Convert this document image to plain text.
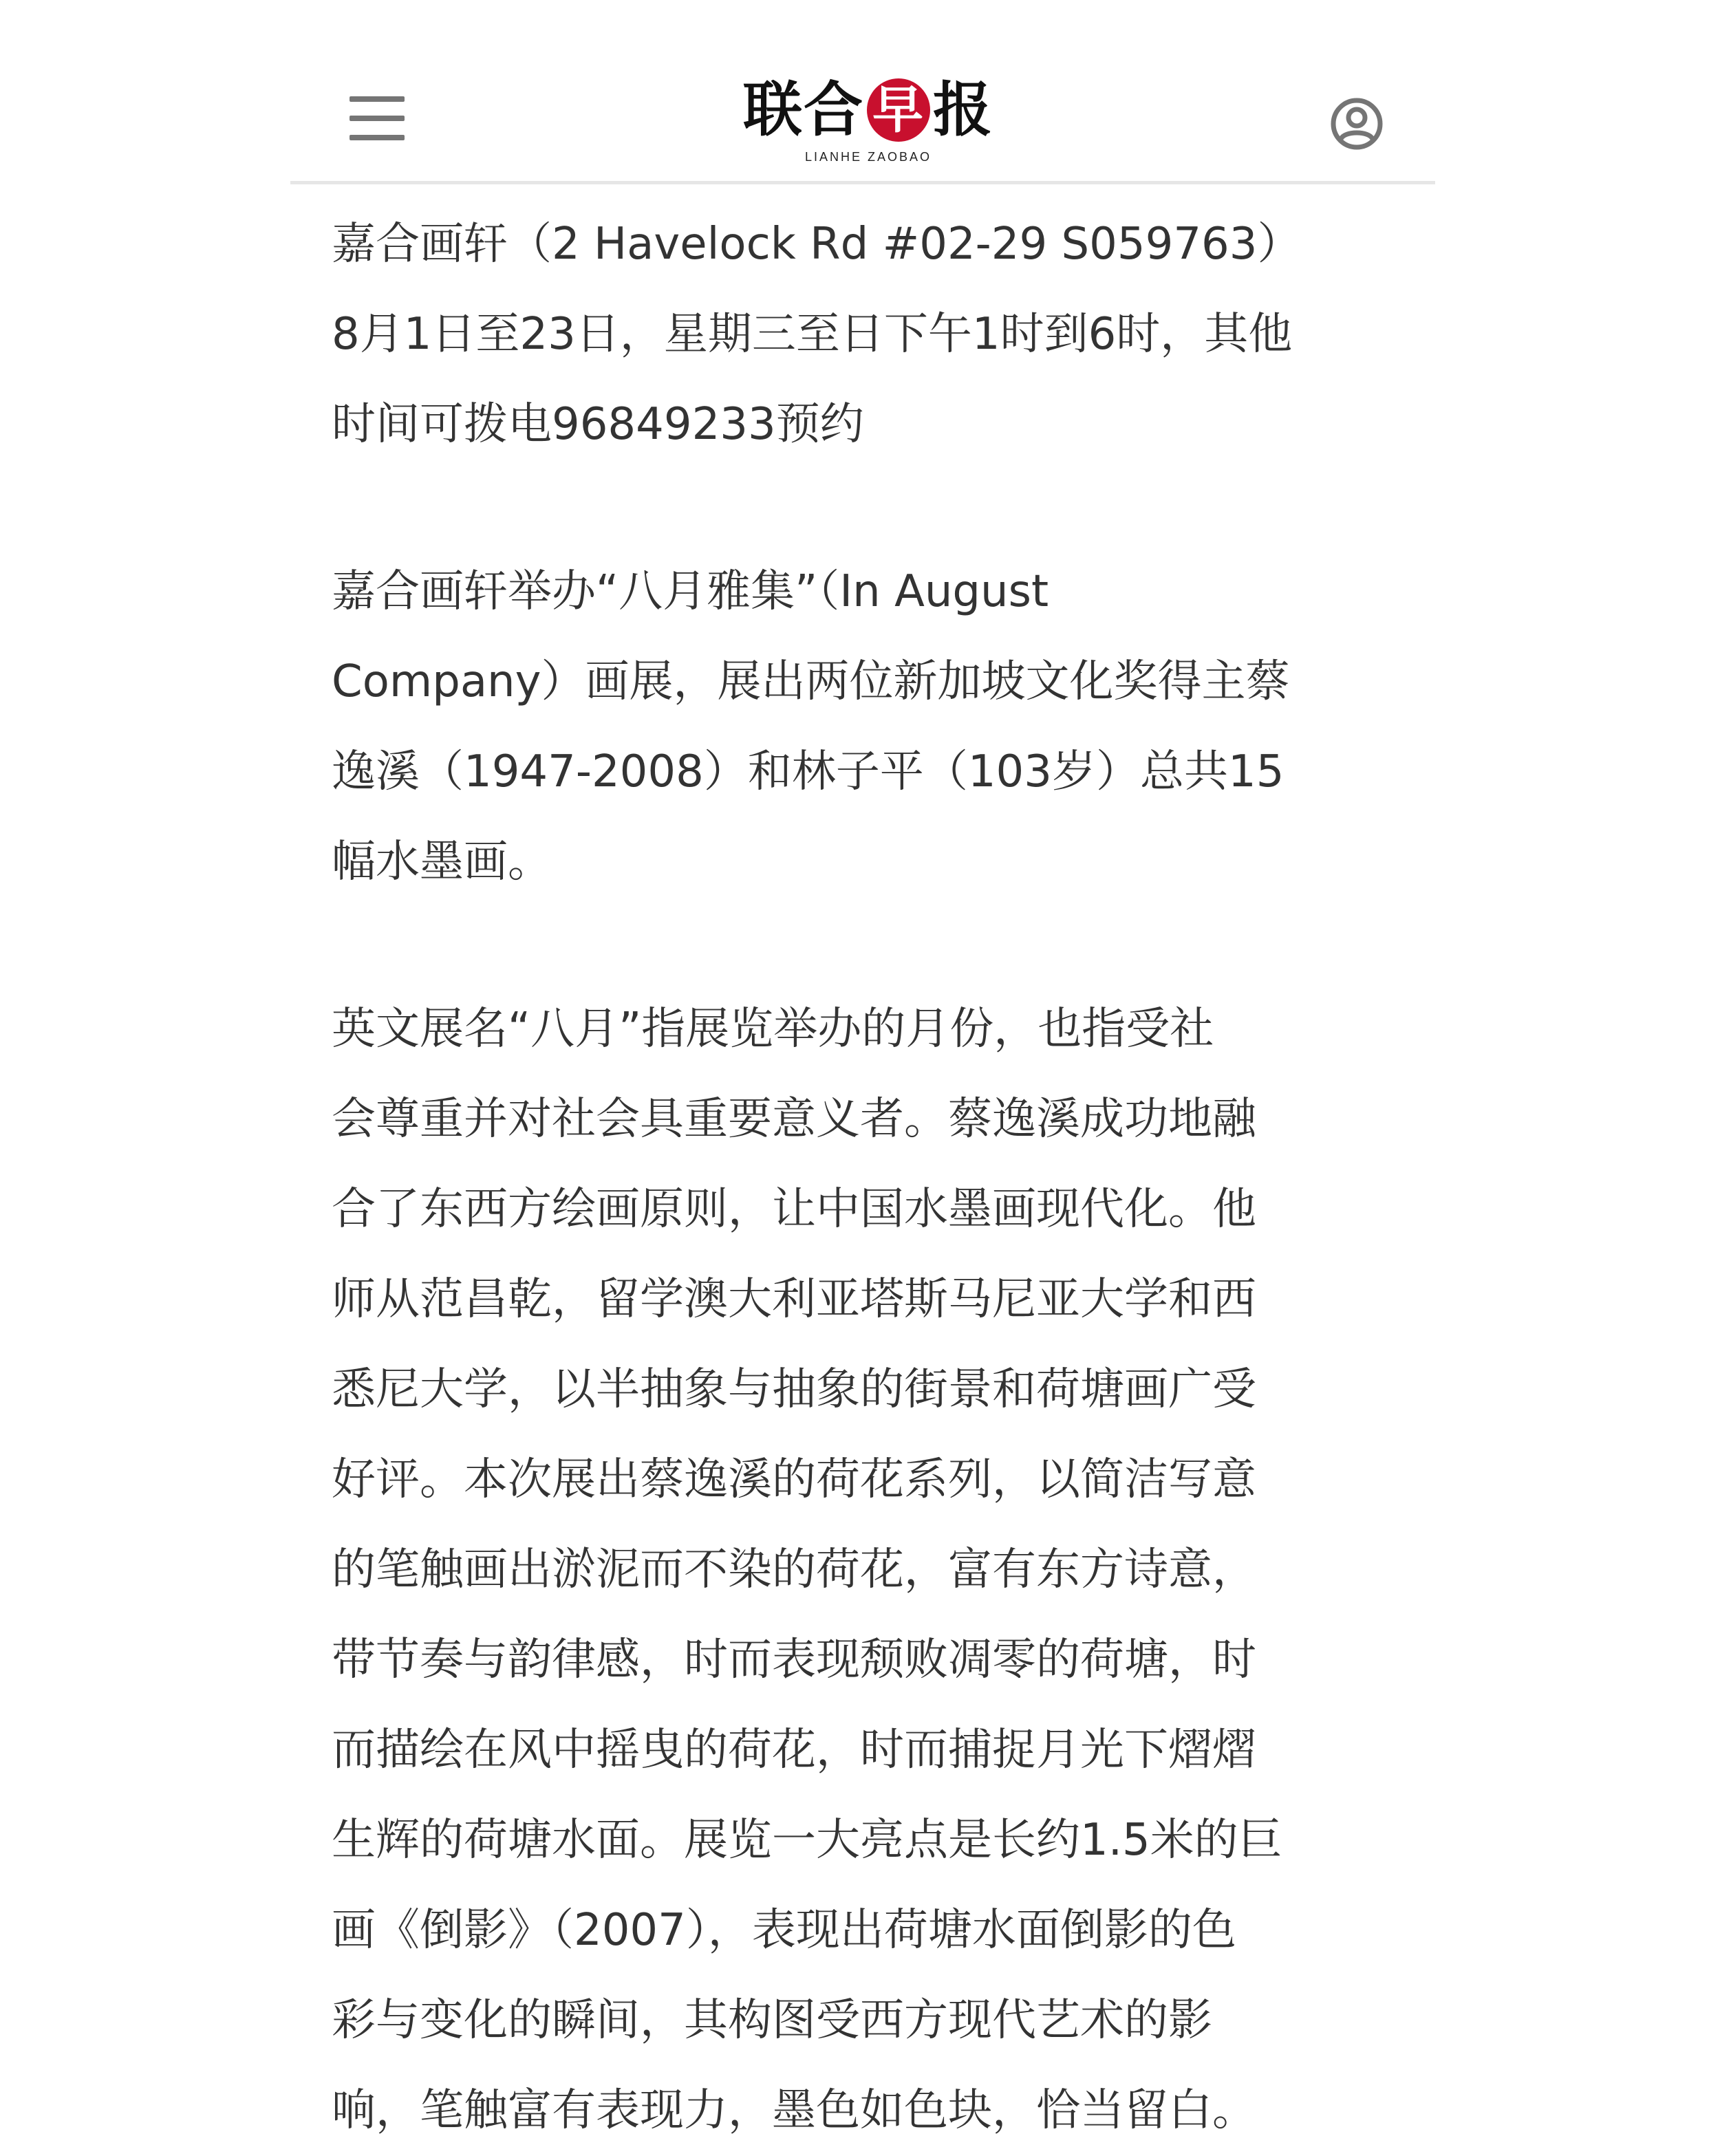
联合 早 报
LIANHE ZAOBAO

嘉合画轩（2 Havelock Rd #02-29 S059763）
8月1日至23日，星期三至日下午1时到6时，其他
时间可拨电96849233预约

嘉合画轩举办“八月雅集”（In August
Company）画展，展出两位新加坡文化奖得主蔡
逸溪（1947-2008）和林子平（103岁）总共15
幅水墨画。

英文展名“八月”指展览举办的月份，也指受社
会尊重并对社会具重要意义者。蔡逸溪成功地融
合了东西方绘画原则，让中国水墨画现代化。他
师从范昌乾，留学澳大利亚塔斯马尼亚大学和西
悉尼大学，以半抽象与抽象的街景和荷塘画广受
好评。本次展出蔡逸溪的荷花系列，以简洁写意
的笔触画出淤泥而不染的荷花，富有东方诗意，
带节奏与韵律感，时而表现颓败凋零的荷塘，时
而描绘在风中摇曳的荷花，时而捕捉月光下熠熠
生辉的荷塘水面。展览一大亮点是长约1.5米的巨
画《倒影》（2007），表现出荷塘水面倒影的色
彩与变化的瞬间，其构图受西方现代艺术的影
响，笔触富有表现力，墨色如色块，恰当留白。
